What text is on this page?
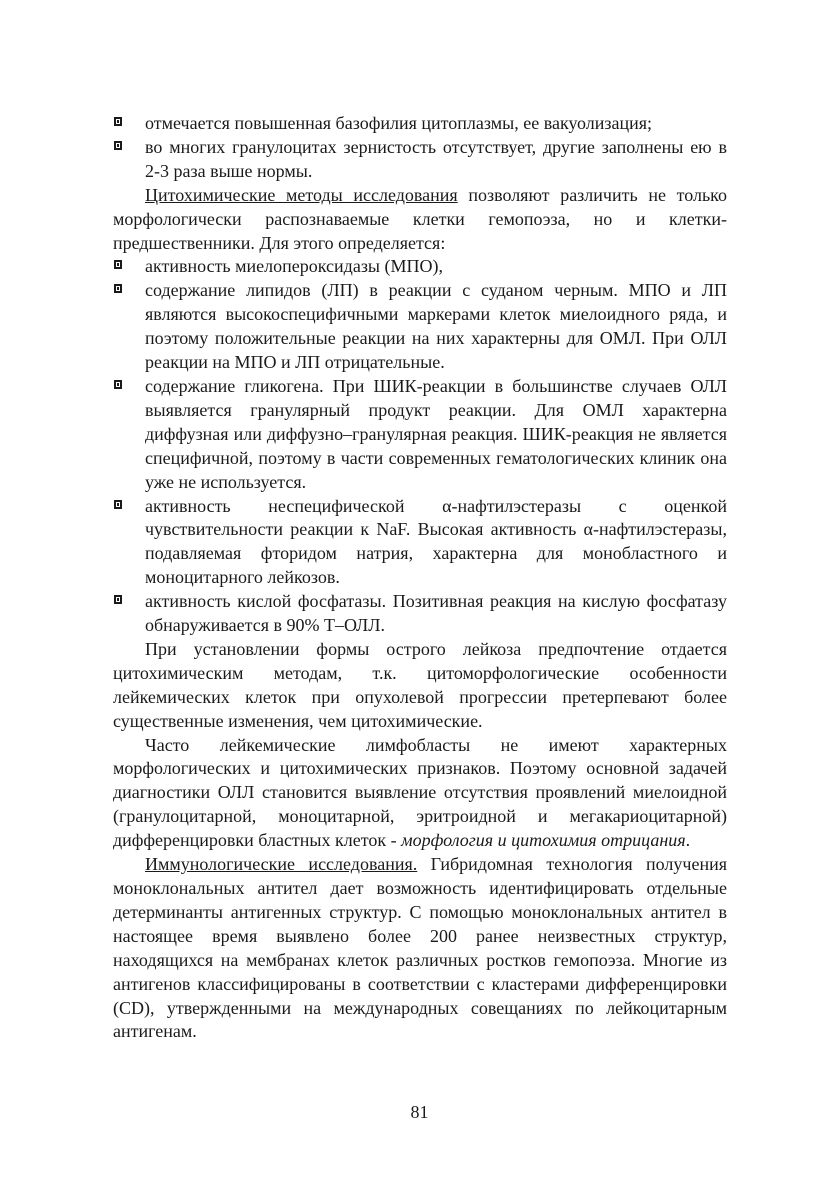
отмечается повышенная базофилия цитоплазмы, ее вакуолизация;

во многих гранулоцитах зернистость отсутствует, другие заполнены ею в 2-3 раза выше нормы.

Цитохимические методы исследования позволяют различить не только морфологически распознаваемые клетки гемопоэза, но и клетки-предшественники. Для этого определяется:

активность миелопероксидазы (МПО),

содержание липидов (ЛП) в реакции с суданом черным. МПО и ЛП являются высокоспецифичными маркерами клеток миелоидного ряда, и поэтому положительные реакции на них характерны для ОМЛ. При ОЛЛ реакции на МПО и ЛП отрицательные.

содержание гликогена. При ШИК-реакции в большинстве случаев ОЛЛ выявляется гранулярный продукт реакции. Для ОМЛ характерна диффузная или диффузно–гранулярная реакция. ШИК-реакция не является специфичной, поэтому в части современных гематологических клиник она уже не используется.

активность неспецифической α-нафтилэстеразы с оценкой чувствительности реакции к NaF. Высокая активность α-нафтилэстеразы, подавляемая фторидом натрия, характерна для монобластного и моноцитарного лейкозов.

активность кислой фосфатазы. Позитивная реакция на кислую фосфатазу обнаруживается в 90% Т–ОЛЛ.

При установлении формы острого лейкоза предпочтение отдается цитохимическим методам, т.к. цитоморфологические особенности лейкемических клеток при опухолевой прогрессии претерпевают более существенные изменения, чем цитохимические.

Часто лейкемические лимфобласты не имеют характерных морфологических и цитохимических признаков. Поэтому основной задачей диагностики ОЛЛ становится выявление отсутствия проявлений миелоидной (гранулоцитарной, моноцитарной, эритроидной и мегакариоцитарной) дифференцировки бластных клеток - морфология и цитохимия отрицания.

Иммунологические исследования. Гибридомная технология получения моноклональных антител дает возможность идентифицировать отдельные детерминанты антигенных структур. С помощью моноклональных антител в настоящее время выявлено более 200 ранее неизвестных структур, находящихся на мембранах клеток различных ростков гемопоэза. Многие из антигенов классифицированы в соответствии с кластерами дифференцировки (CD), утвержденными на международных совещаниях по лейкоцитарным антигенам.

81
